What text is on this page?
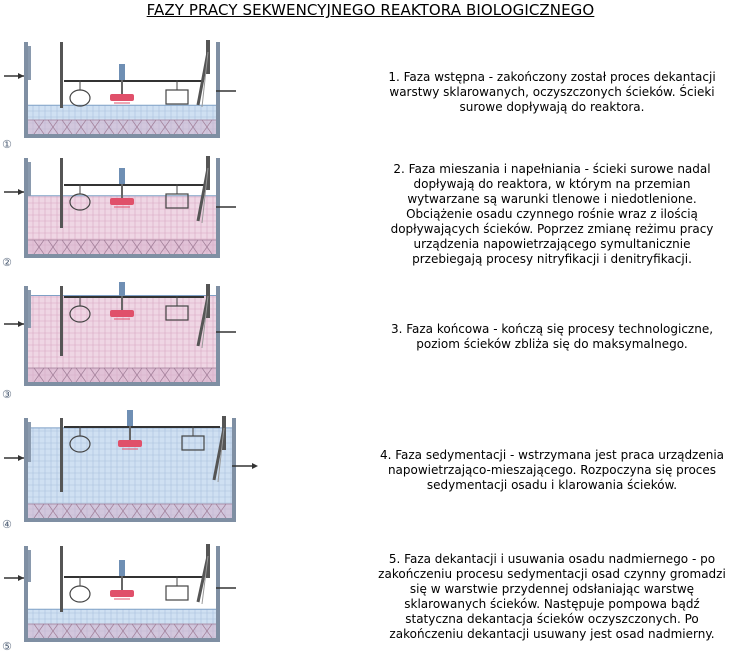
FAZY PRACY SEKWENCYJNEGO REAKTORA BIOLOGICZNEGO
①
1. Faza wstępna - zakończony został proces dekantacji
warstwy sklarowanych, oczyszczonych ścieków. Ścieki
surowe dopływają do reaktora.
②
2. Faza mieszania i napełniania - ścieki surowe nadal
dopływają do reaktora, w którym na przemian
wytwarzane są warunki tlenowe i niedotlenione.
Obciążenie osadu czynnego rośnie wraz z ilością
dopływających ścieków. Poprzez zmianę reżimu pracy
urządzenia napowietrzającego symultanicznie
przebiegają procesy nitryfikacji i denitryfikacji.
③
3. Faza końcowa - kończą się procesy technologiczne,
poziom ścieków zbliża się do maksymalnego.
④
4. Faza sedymentacji - wstrzymana jest praca urządzenia
napowietrzająco-mieszającego. Rozpoczyna się proces
sedymentacji osadu i klarowania ścieków.
⑤
5. Faza dekantacji i usuwania osadu nadmiernego - po
zakończeniu procesu sedymentacji osad czynny gromadzi
się w warstwie przydennej odsłaniając warstwę
sklarowanych ścieków. Następuje pompowa bądź
statyczna dekantacja ścieków oczyszczonych. Po
zakończeniu dekantacji usuwany jest osad nadmierny.
